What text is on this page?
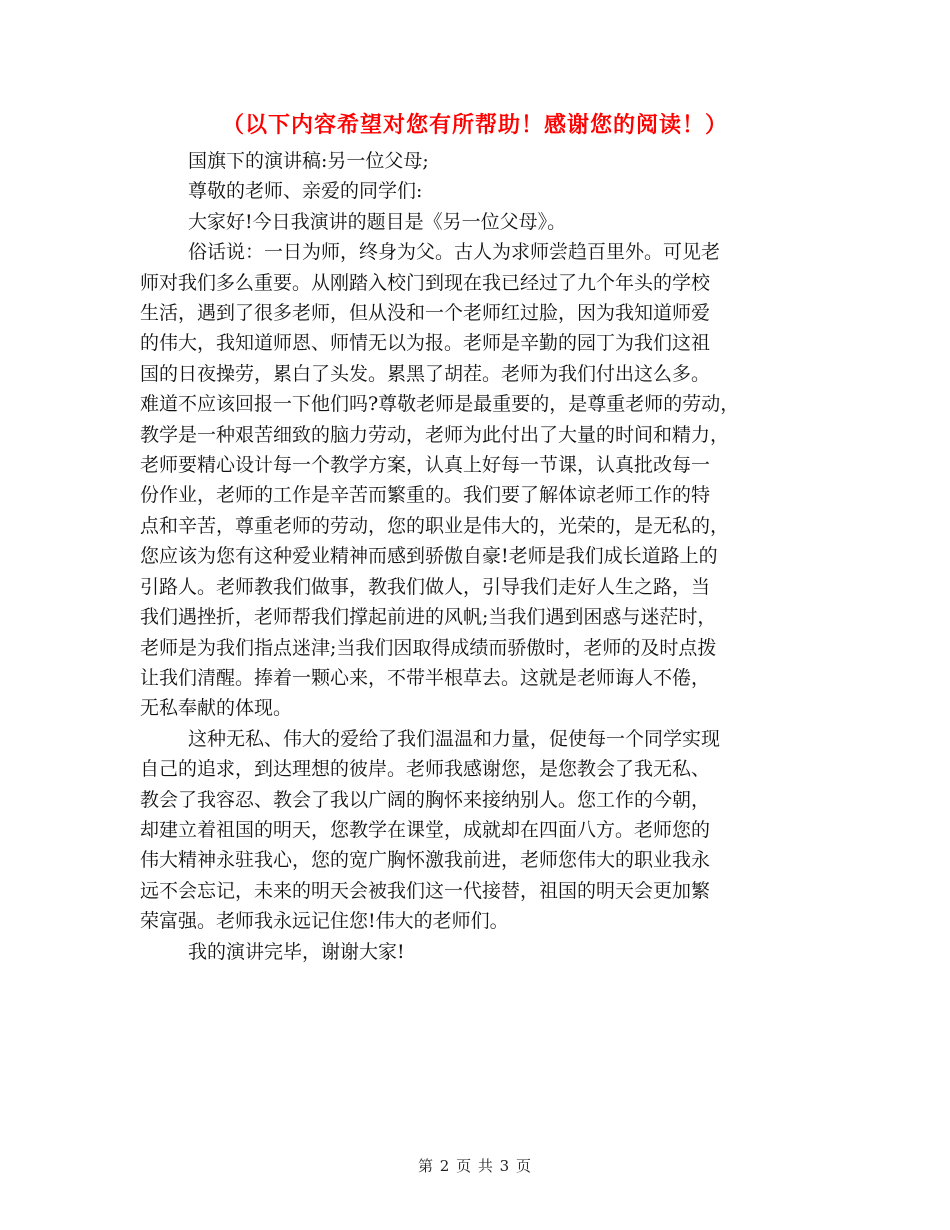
（以下内容希望对您有所帮助！感谢您的阅读！）

国旗下的演讲稿:另一位父母;

尊敬的老师、亲爱的同学们:

大家好!今日我演讲的题目是《另一位父母》。

俗话说：一日为师，终身为父。古人为求师尝趋百里外。可见老

师对我们多么重要。从刚踏入校门到现在我已经过了九个年头的学校

生活，遇到了很多老师，但从没和一个老师红过脸，因为我知道师爱

的伟大，我知道师恩、师情无以为报。老师是辛勤的园丁为我们这祖

国的日夜操劳，累白了头发。累黑了胡茬。老师为我们付出这么多。

难道不应该回报一下他们吗?尊敬老师是最重要的，是尊重老师的劳动，

教学是一种艰苦细致的脑力劳动，老师为此付出了大量的时间和精力，

老师要精心设计每一个教学方案，认真上好每一节课，认真批改每一

份作业，老师的工作是辛苦而繁重的。我们要了解体谅老师工作的特

点和辛苦，尊重老师的劳动，您的职业是伟大的，光荣的，是无私的，

您应该为您有这种爱业精神而感到骄傲自豪!老师是我们成长道路上的

引路人。老师教我们做事，教我们做人，引导我们走好人生之路，当

我们遇挫折，老师帮我们撑起前进的风帆;当我们遇到困惑与迷茫时，

老师是为我们指点迷津;当我们因取得成绩而骄傲时，老师的及时点拨

让我们清醒。捧着一颗心来，不带半根草去。这就是老师诲人不倦，

无私奉献的体现。

这种无私、伟大的爱给了我们温温和力量，促使每一个同学实现

自己的追求，到达理想的彼岸。老师我感谢您，是您教会了我无私、

教会了我容忍、教会了我以广阔的胸怀来接纳别人。您工作的今朝，

却建立着祖国的明天，您教学在课堂，成就却在四面八方。老师您的

伟大精神永驻我心，您的宽广胸怀激我前进，老师您伟大的职业我永

远不会忘记，未来的明天会被我们这一代接替，祖国的明天会更加繁

荣富强。老师我永远记住您!伟大的老师们。

我的演讲完毕，谢谢大家!

第 2 页 共 3 页
